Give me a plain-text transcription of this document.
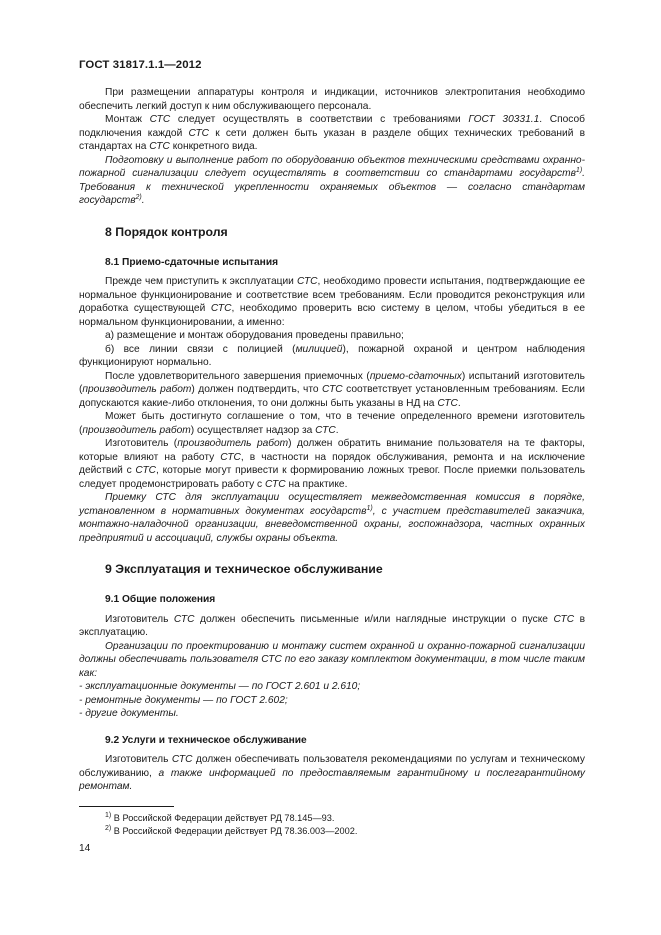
ГОСТ 31817.1.1—2012

При размещении аппаратуры контроля и индикации, источников электропитания необходимо обеспечить легкий доступ к ним обслуживающего персонала.

Монтаж СТС следует осуществлять в соответствии с требованиями ГОСТ 30331.1. Способ подключения каждой СТС к сети должен быть указан в разделе общих технических требований в стандартах на СТС конкретного вида.

Подготовку и выполнение работ по оборудованию объектов техническими средствами охранно-пожарной сигнализации следует осуществлять в соответствии со стандартами государств$^{1)}$. Требования к технической укрепленности охраняемых объектов — согласно стандартам государств$^{2)}$.

8 Порядок контроля
8.1 Приемо-сдаточные испытания

Прежде чем приступить к эксплуатации СТС, необходимо провести испытания, подтверждающие ее нормальное функционирование и соответствие всем требованиям. Если проводится реконструкция или доработка существующей СТС, необходимо проверить всю систему в целом, чтобы убедиться в ее нормальном функционировании, а именно:

а) размещение и монтаж оборудования проведены правильно;

б) все линии связи с полицией (милицией), пожарной охраной и центром наблюдения функционируют нормально.

После удовлетворительного завершения приемочных (приемо-сдаточных) испытаний изготовитель (производитель работ) должен подтвердить, что СТС соответствует установленным требованиям. Если допускаются какие-либо отклонения, то они должны быть указаны в НД на СТС.

Может быть достигнуто соглашение о том, что в течение определенного времени изготовитель (производитель работ) осуществляет надзор за СТС.

Изготовитель (производитель работ) должен обратить внимание пользователя на те факторы, которые влияют на работу СТС, в частности на порядок обслуживания, ремонта и на исключение действий с СТС, которые могут привести к формированию ложных тревог. После приемки пользователь следует продемонстрировать работу с СТС на практике.

Приемку СТС для эксплуатации осуществляет межведомственная комиссия в порядке, установленном в нормативных документах государств$^{1)}$, с участием представителей заказчика, монтажно-наладочной организации, вневедомственной охраны, госпожнадзора, частных охранных предприятий и ассоциаций, службы охраны объекта.

9 Эксплуатация и техническое обслуживание
9.1 Общие положения

Изготовитель СТС должен обеспечить письменные и/или наглядные инструкции о пуске СТС в эксплуатацию.

Организации по проектированию и монтажу систем охранной и охранно-пожарной сигнализации должны обеспечивать пользователя СТС по его заказу комплектом документации, в том числе таким как:

- эксплуатационные документы — по ГОСТ 2.601 и 2.610;

- ремонтные документы — по ГОСТ 2.602;

- другие документы.

9.2 Услуги и техническое обслуживание

Изготовитель СТС должен обеспечивать пользователя рекомендациями по услугам и техническому обслуживанию, а также информацией по предоставляемым гарантийному и послегарантийному ремонтам.

$^{1)}$ В Российской Федерации действует РД 78.145—93.
$^{2)}$ В Российской Федерации действует РД 78.36.003—2002.
14
